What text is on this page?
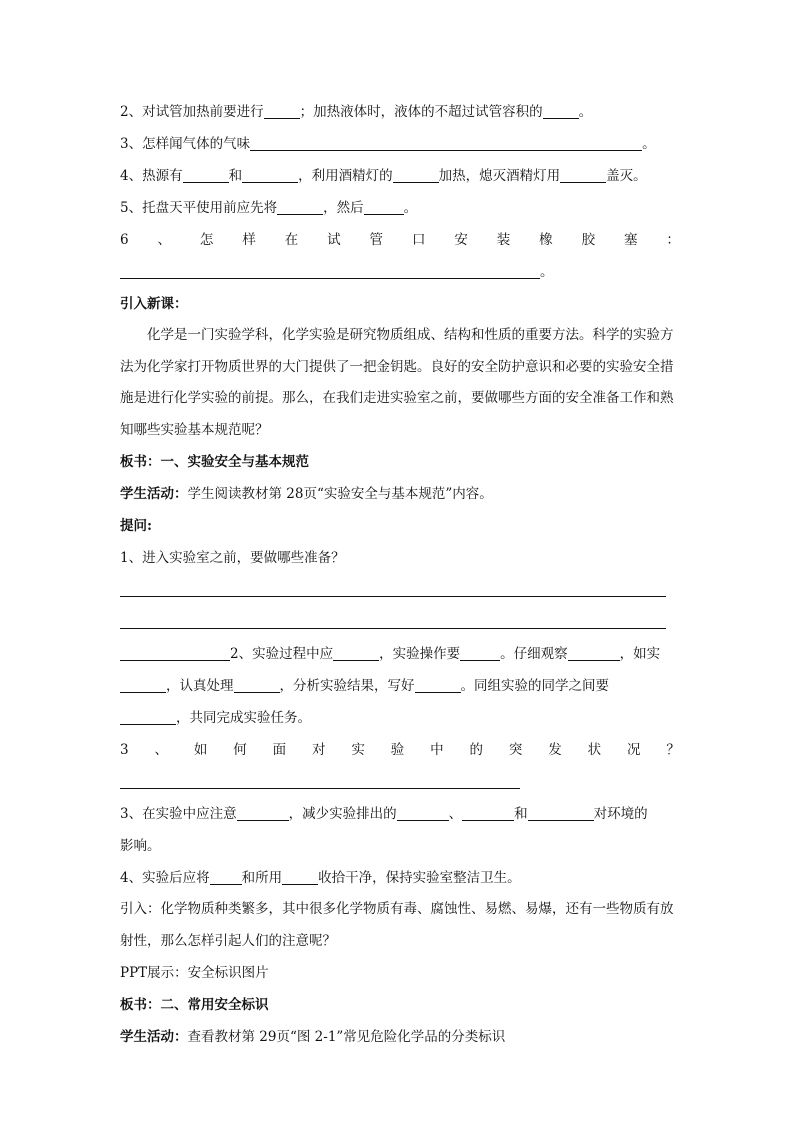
2、对试管加热前要进行	；加热液体时，液体的不超过试管容积的	。
3、怎样闻气体的气味	。
4、热源有	和	，利用酒精灯的	加热，熄灭酒精灯用	盖灭。
5、托盘天平使用前应先将	，然后	。
6 、 怎 样 在 试 管 口 安 装 橡 胶 塞 ：
。
引入新课：
化学是一门实验学科，化学实验是研究物质组成、结构和性质的重要方法。科学的实验方法为化学家打开物质世界的大门提供了一把金钥匙。良好的安全防护意识和必要的实验安全措施是进行化学实验的前提。那么，在我们走进实验室之前，要做哪些方面的安全准备工作和熟知哪些实验基本规范呢？
板书：一、实验安全与基本规范
学生活动：学生阅读教材第 28页“实验安全与基本规范”内容。
提问:
1、进入实验室之前，要做哪些准备？
2、实验过程中应	，实验操作要	。仔细观察	，如实
，认真处理	，分析实验结果，写好	。同组实验的同学之间要
，共同完成实验任务。
3 、 如 何 面 对 实 验 中 的 突 发 状 况 ？
3、在实验中应注意	，减少实验排出的	、	和	对环境的
影响。
4、实验后应将 和所用	收拾干净，保持实验室整洁卫生。
引入：化学物质种类繁多，其中很多化学物质有毒、腐蚀性、易燃、易爆，还有一些物质有放射性，那么怎样引起人们的注意呢？
PPT展示：安全标识图片
板书：二、常用安全标识
学生活动：查看教材第 29页“图 2-1”常见危险化学品的分类标识
